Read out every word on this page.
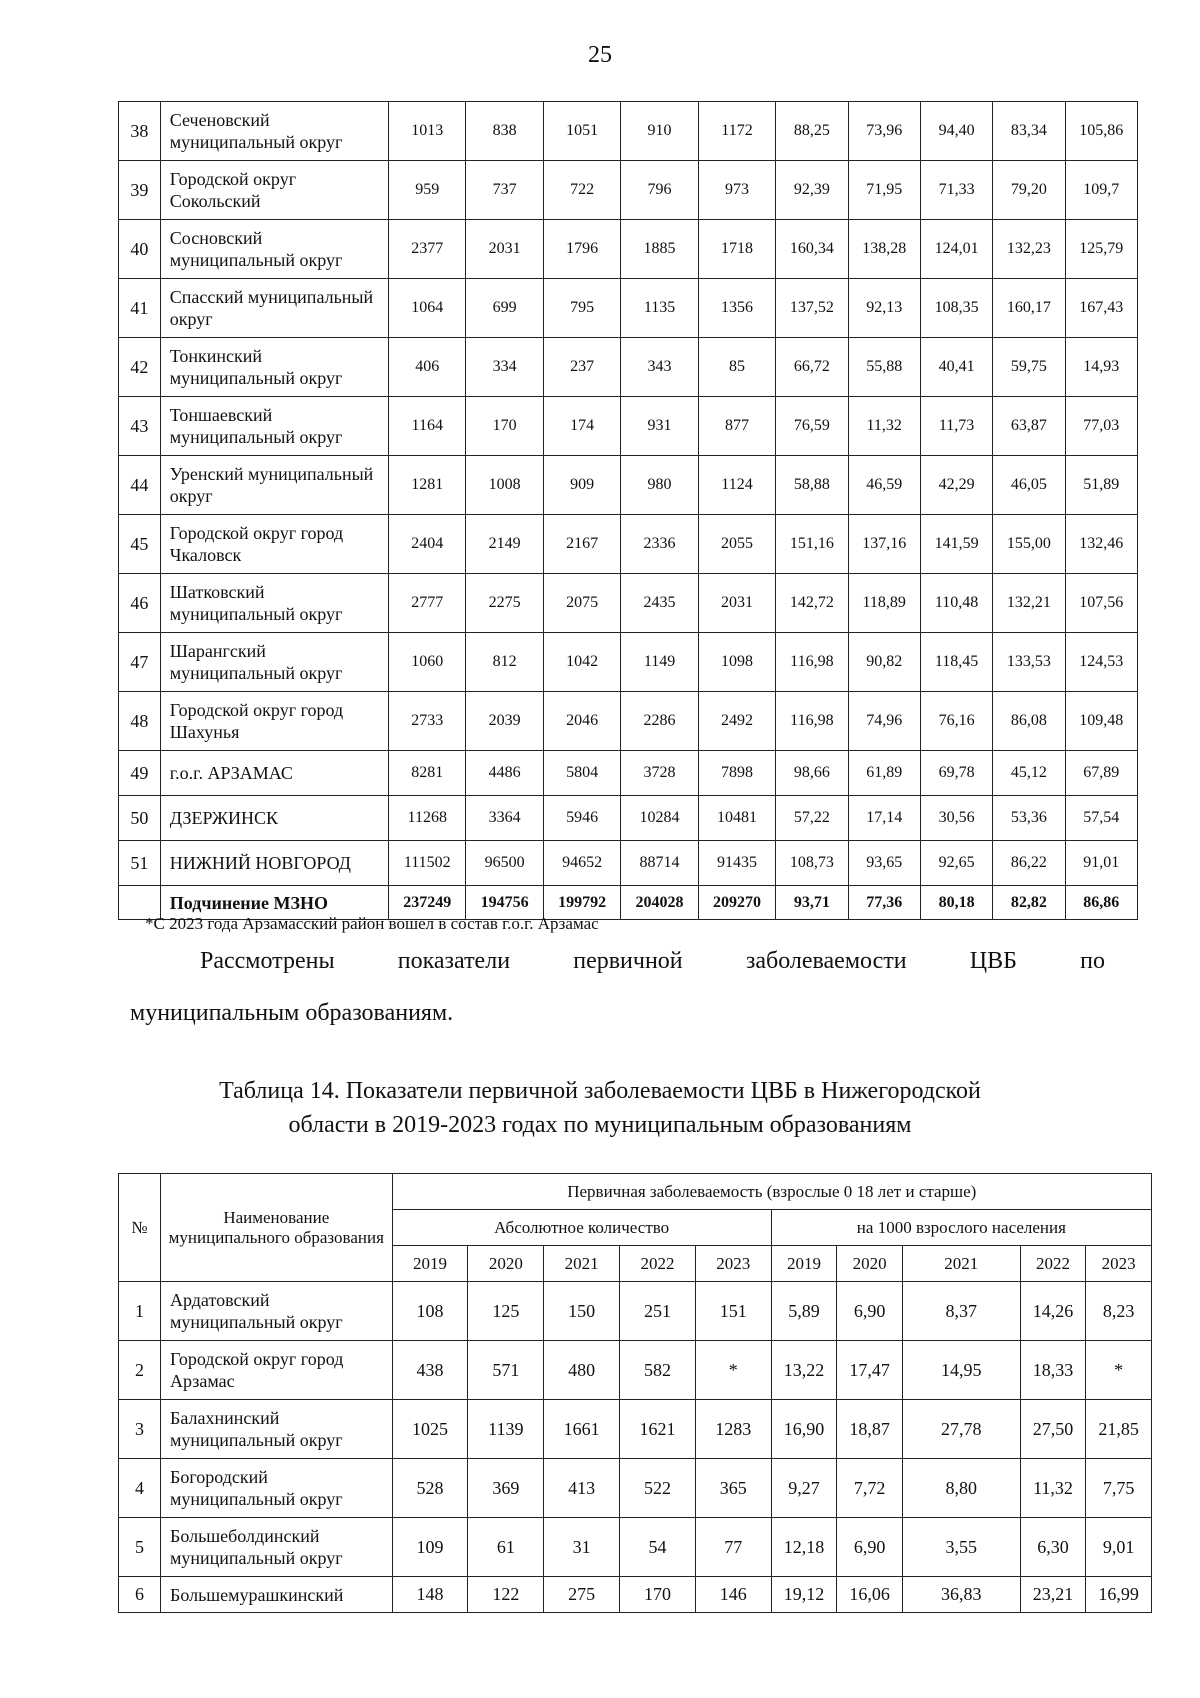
25
38	Сеченовский муниципальный округ	1013	838	1051	910	1172	88,25	73,96	94,40	83,34	105,86
39	Городской округ Сокольский	959	737	722	796	973	92,39	71,95	71,33	79,20	109,7
40	Сосновский муниципальный округ	2377	2031	1796	1885	1718	160,34	138,28	124,01	132,23	125,79
41	Спасский муниципальный округ	1064	699	795	1135	1356	137,52	92,13	108,35	160,17	167,43
42	Тонкинский муниципальный округ	406	334	237	343	85	66,72	55,88	40,41	59,75	14,93
43	Тоншаевский муниципальный округ	1164	170	174	931	877	76,59	11,32	11,73	63,87	77,03
44	Уренский муниципальный округ	1281	1008	909	980	1124	58,88	46,59	42,29	46,05	51,89
45	Городской округ город Чкаловск	2404	2149	2167	2336	2055	151,16	137,16	141,59	155,00	132,46
46	Шатковский муниципальный округ	2777	2275	2075	2435	2031	142,72	118,89	110,48	132,21	107,56
47	Шарангский муниципальный округ	1060	812	1042	1149	1098	116,98	90,82	118,45	133,53	124,53
48	Городской округ город Шахунья	2733	2039	2046	2286	2492	116,98	74,96	76,16	86,08	109,48
49	г.о.г. АРЗАМАС	8281	4486	5804	3728	7898	98,66	61,89	69,78	45,12	67,89
50	ДЗЕРЖИНСК	11268	3364	5946	10284	10481	57,22	17,14	30,56	53,36	57,54
51	НИЖНИЙ НОВГОРОД	111502	96500	94652	88714	91435	108,73	93,65	92,65	86,22	91,01
	Подчинение МЗНО	237249	194756	199792	204028	209270	93,71	77,36	80,18	82,82	86,86
*С 2023 года Арзамасский район вошел в состав г.о.г. Арзамас
Рассмотрены	показатели	первичной	заболеваемости	ЦВБ	по
муниципальным образованиям.
Таблица 14. Показатели первичной заболеваемости ЦВБ в Нижегородской
области в 2019-2023 годах по муниципальным образованиям
№	Наименование муниципального образования	Первичная заболеваемость (взрослые 0 18 лет и старше)									
		Абсолютное количество					на 1000 взрослого населения				
		2019	2020	2021	2022	2023	2019	2020	2021	2022	2023
1	Ардатовский муниципальный округ	108	125	150	251	151	5,89	6,90	8,37	14,26	8,23
2	Городской округ город Арзамас	438	571	480	582	*	13,22	17,47	14,95	18,33	*
3	Балахнинский муниципальный округ	1025	1139	1661	1621	1283	16,90	18,87	27,78	27,50	21,85
4	Богородский муниципальный округ	528	369	413	522	365	9,27	7,72	8,80	11,32	7,75
5	Большеболдинский муниципальный округ	109	61	31	54	77	12,18	6,90	3,55	6,30	9,01
6	Большемурашкинский	148	122	275	170	146	19,12	16,06	36,83	23,21	16,99
